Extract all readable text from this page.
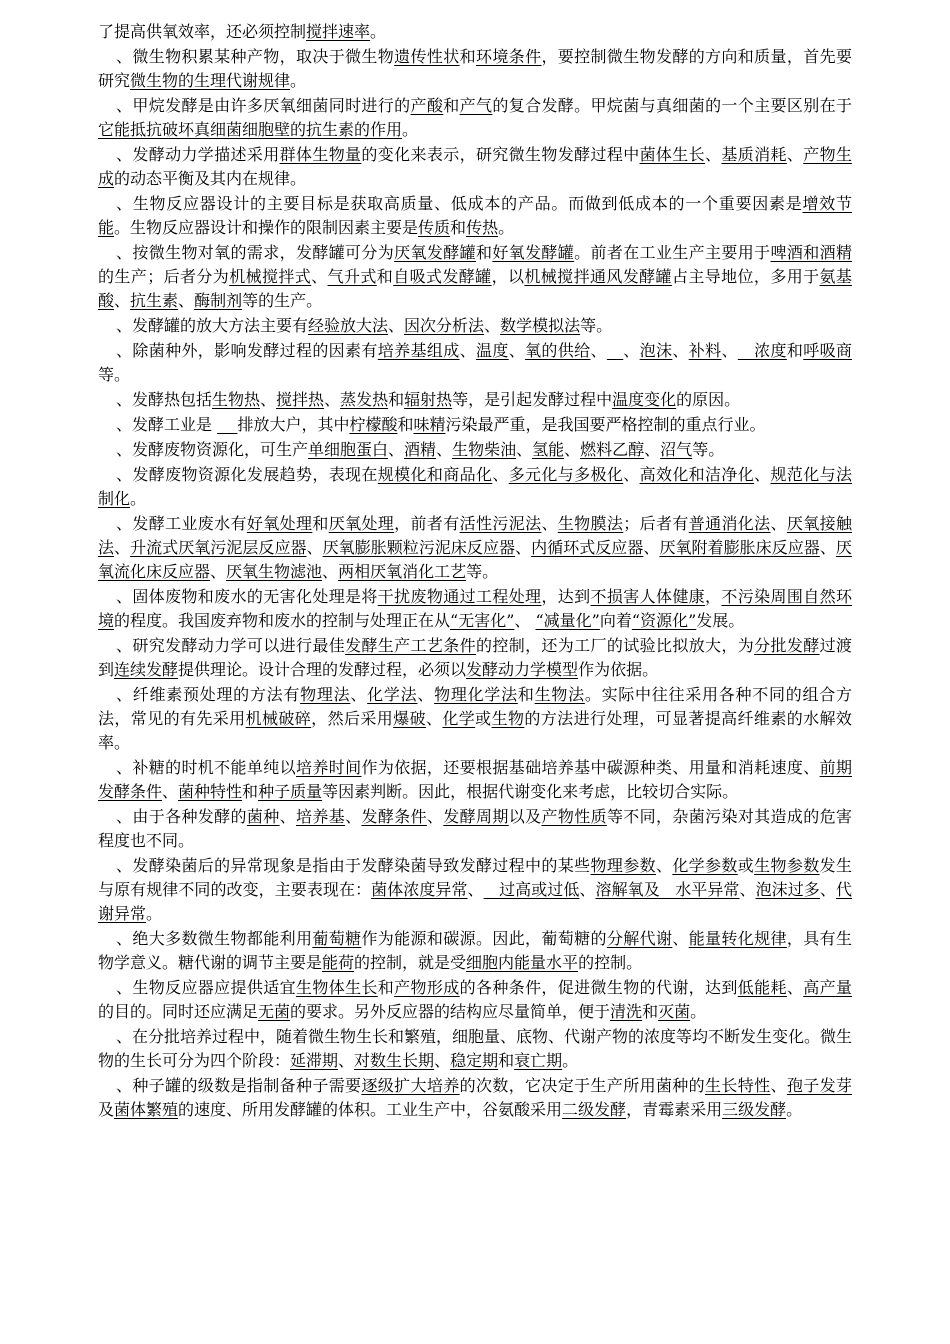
了提高供氧效率，还必须控制搅拌速率。

、微生物积累某种产物，取决于微生物遗传性状和环境条件，要控制微生物发酵的方向和质量，首先要研究微生物的生理代谢规律。

、甲烷发酵是由许多厌氧细菌同时进行的产酸和产气的复合发酵。甲烷菌与真细菌的一个主要区别在于它能抵抗破坏真细菌细胞壁的抗生素的作用。

、发酵动力学描述采用群体生物量的变化来表示，研究微生物发酵过程中菌体生长、基质消耗、产物生成的动态平衡及其内在规律。

、生物反应器设计的主要目标是获取高质量、低成本的产品。而做到低成本的一个重要因素是增效节能。生物反应器设计和操作的限制因素主要是传质和传热。

、按微生物对氧的需求，发酵罐可分为厌氧发酵罐和好氧发酵罐。前者在工业生产主要用于啤酒和酒精的生产；后者分为机械搅拌式、气升式和自吸式发酵罐，以机械搅拌通风发酵罐占主导地位，多用于氨基酸、抗生素、酶制剂等的生产。

、发酵罐的放大方法主要有经验放大法、因次分析法、数学模拟法等。

、除菌种外，影响发酵过程的因素有培养基组成、温度、氧的供给、 、泡沫、补料、   浓度和呼吸商等。

、发酵热包括生物热、搅拌热、蒸发热和辐射热等，是引起发酵过程中温度变化的原因。

、发酵工业是     排放大户，其中柠檬酸和味精污染最严重，是我国要严格控制的重点行业。

、发酵废物资源化，可生产单细胞蛋白、酒精、生物柴油、氢能、燃料乙醇、沼气等。

、发酵废物资源化发展趋势，表现在规模化和商品化、多元化与多极化、高效化和洁净化、规范化与法制化。

、发酵工业废水有好氧处理和厌氧处理，前者有活性污泥法、生物膜法；后者有普通消化法、厌氧接触法、升流式厌氧污泥层反应器、厌氧膨胀颗粒污泥床反应器、内循环式反应器、厌氧附着膨胀床反应器、厌氧流化床反应器、厌氧生物滤池、两相厌氧消化工艺等。

、固体废物和废水的无害化处理是将干扰废物通过工程处理，达到不损害人体健康，不污染周围自然环境的程度。我国废弃物和废水的控制与处理正在从“无害化”、 “减量化”向着“资源化”发展。

、研究发酵动力学可以进行最佳发酵生产工艺条件的控制，还为工厂的试验比拟放大，为分批发酵过渡到连续发酵提供理论。设计合理的发酵过程，必须以发酵动力学模型作为依据。

、纤维素预处理的方法有物理法、化学法、物理化学法和生物法。实际中往往采用各种不同的组合方法，常见的有先采用机械破碎，然后采用爆破、化学或生物的方法进行处理，可显著提高纤维素的水解效率。

、补糖的时机不能单纯以培养时间作为依据，还要根据基础培养基中碳源种类、用量和消耗速度、前期发酵条件、菌种特性和种子质量等因素判断。因此，根据代谢变化来考虑，比较切合实际。

、由于各种发酵的菌种、培养基、发酵条件、发酵周期以及产物性质等不同，杂菌污染对其造成的危害程度也不同。

、发酵染菌后的异常现象是指由于发酵染菌导致发酵过程中的某些物理参数、化学参数或生物参数发生与原有规律不同的改变，主要表现在：菌体浓度异常、   过高或过低、溶解氧及   水平异常、泡沫过多、代谢异常。

、绝大多数微生物都能利用葡萄糖作为能源和碳源。因此，葡萄糖的分解代谢、能量转化规律，具有生物学意义。糖代谢的调节主要是能荷的控制，就是受细胞内能量水平的控制。

、生物反应器应提供适宜生物体生长和产物形成的各种条件，促进微生物的代谢，达到低能耗、高产量的目的。同时还应满足无菌的要求。另外反应器的结构应尽量简单，便于清洗和灭菌。

、在分批培养过程中，随着微生物生长和繁殖，细胞量、底物、代谢产物的浓度等均不断发生变化。微生物的生长可分为四个阶段：延滞期、对数生长期、稳定期和衰亡期。

、种子罐的级数是指制备种子需要逐级扩大培养的次数，它决定于生产所用菌种的生长特性、孢子发芽及菌体繁殖的速度、所用发酵罐的体积。工业生产中，谷氨酸采用二级发酵，青霉素采用三级发酵。
